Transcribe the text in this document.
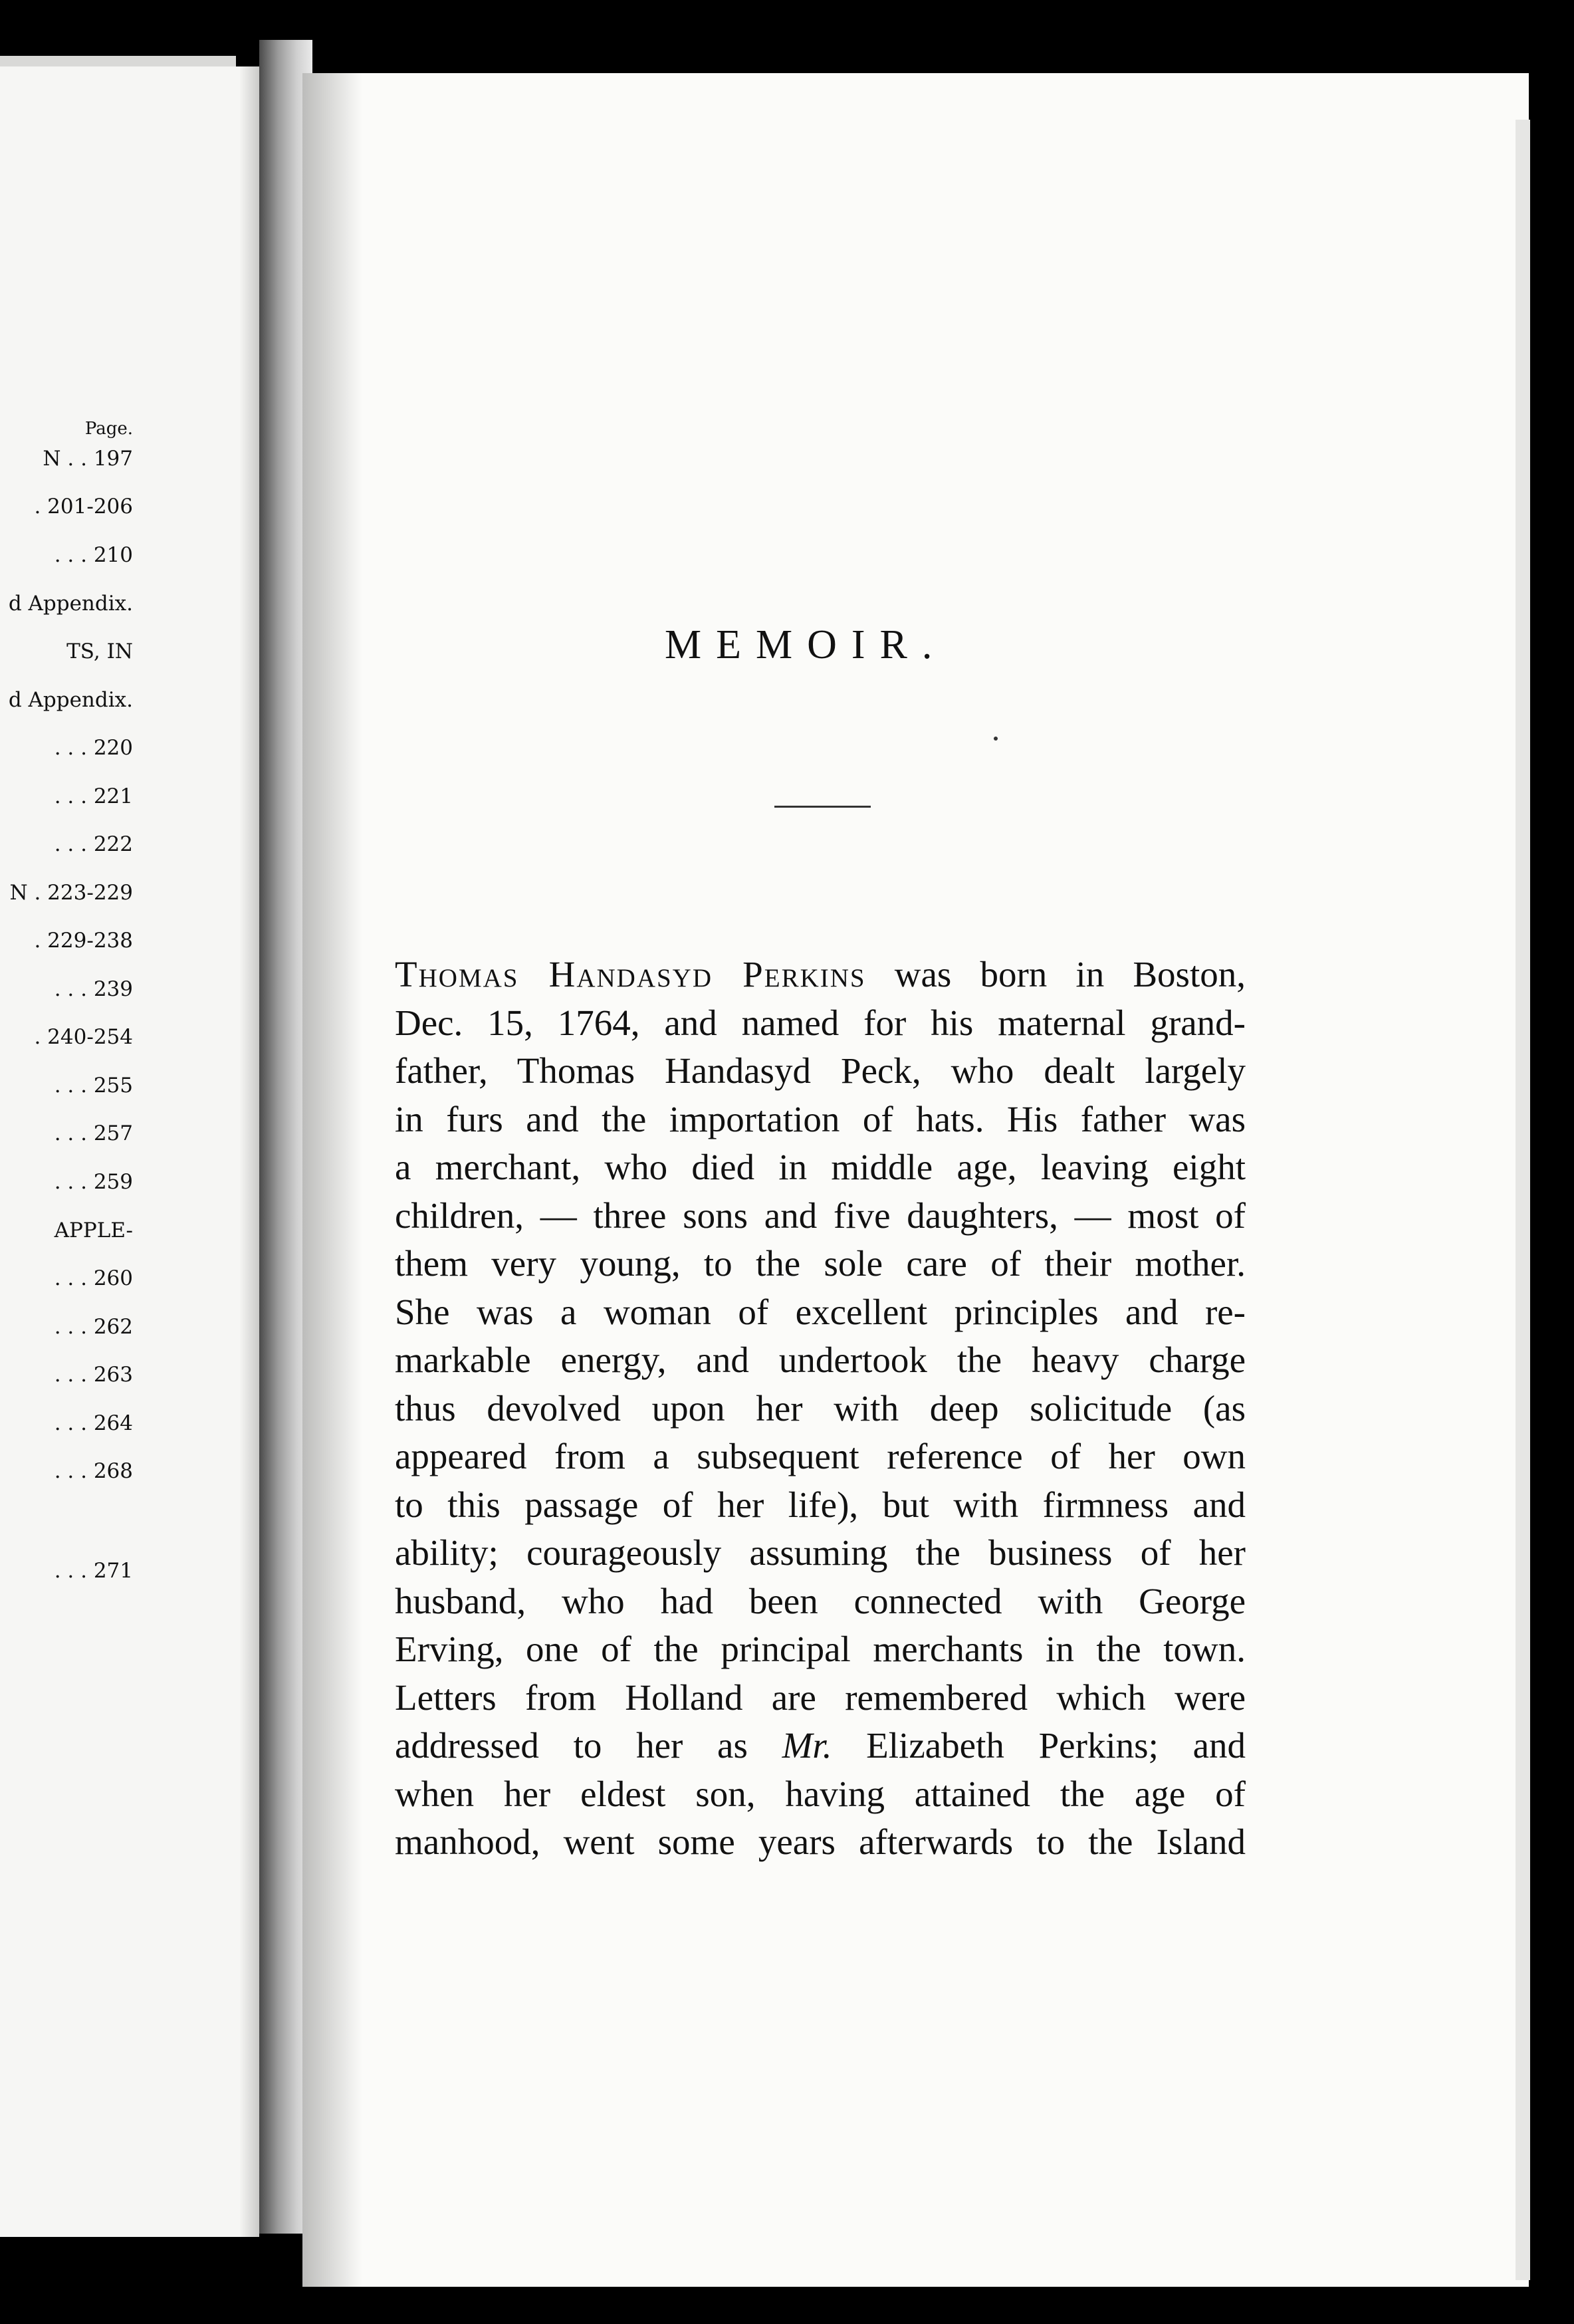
Page.
N . . 197
. 201-206
. . . 210
d Appendix.
TS, IN
d Appendix.
. . . 220
. . . 221
. . . 222
N . 223-229
. 229-238
. . . 239
. 240-254
. . . 255
. . . 257
. . . 259
APPLE-
. . . 260
. . . 262
. . . 263
. . . 264
. . . 268
. . . 271
MEMOIR.
Thomas Handasyd Perkins was born in Boston,
Dec. 15, 1764, and named for his maternal grand-
father, Thomas Handasyd Peck, who dealt largely
in furs and the importation of hats. His father was
a merchant, who died in middle age, leaving eight
children, — three sons and five daughters, — most of
them very young, to the sole care of their mother.
She was a woman of excellent principles and re-
markable energy, and undertook the heavy charge
thus devolved upon her with deep solicitude (as
appeared from a subsequent reference of her own
to this passage of her life), but with firmness and
ability; courageously assuming the business of her
husband, who had been connected with George
Erving, one of the principal merchants in the town.
Letters from Holland are remembered which were
addressed to her as Mr. Elizabeth Perkins; and
when her eldest son, having attained the age of
manhood, went some years afterwards to the Island
